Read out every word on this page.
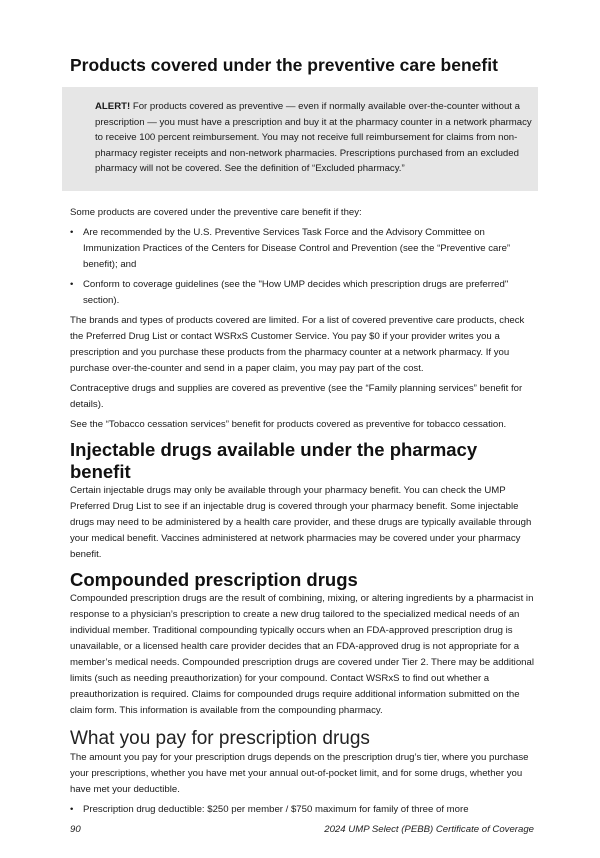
Products covered under the preventive care benefit

ALERT! For products covered as preventive — even if normally available over-the-counter without a prescription — you must have a prescription and buy it at the pharmacy counter in a network pharmacy to receive 100 percent reimbursement. You may not receive full reimbursement for claims from non-pharmacy register receipts and non-network pharmacies. Prescriptions purchased from an excluded pharmacy will not be covered. See the definition of “Excluded pharmacy.”

Some products are covered under the preventive care benefit if they:

• Are recommended by the U.S. Preventive Services Task Force and the Advisory Committee on Immunization Practices of the Centers for Disease Control and Prevention (see the “Preventive care” benefit); and
• Conform to coverage guidelines (see the "How UMP decides which prescription drugs are preferred" section).

The brands and types of products covered are limited. For a list of covered preventive care products, check the Preferred Drug List or contact WSRxS Customer Service. You pay $0 if your provider writes you a prescription and you purchase these products from the pharmacy counter at a network pharmacy. If you purchase over-the-counter and send in a paper claim, you may pay part of the cost.

Contraceptive drugs and supplies are covered as preventive (see the “Family planning services” benefit for details).

See the “Tobacco cessation services” benefit for products covered as preventive for tobacco cessation.

Injectable drugs available under the pharmacy benefit

Certain injectable drugs may only be available through your pharmacy benefit. You can check the UMP Preferred Drug List to see if an injectable drug is covered through your pharmacy benefit. Some injectable drugs may need to be administered by a health care provider, and these drugs are typically available through your medical benefit. Vaccines administered at network pharmacies may be covered under your pharmacy benefit.

Compounded prescription drugs

Compounded prescription drugs are the result of combining, mixing, or altering ingredients by a pharmacist in response to a physician’s prescription to create a new drug tailored to the specialized medical needs of an individual member. Traditional compounding typically occurs when an FDA-approved prescription drug is unavailable, or a licensed health care provider decides that an FDA-approved drug is not appropriate for a member’s medical needs. Compounded prescription drugs are covered under Tier 2. There may be additional limits (such as needing preauthorization) for your compound. Contact WSRxS to find out whether a preauthorization is required. Claims for compounded drugs require additional information submitted on the claim form. This information is available from the compounding pharmacy.

What you pay for prescription drugs

The amount you pay for your prescription drugs depends on the prescription drug’s tier, where you purchase your prescriptions, whether you have met your annual out-of-pocket limit, and for some drugs, whether you have met your deductible.

• Prescription drug deductible: $250 per member / $750 maximum for family of three of more
90	2024 UMP Select (PEBB) Certificate of Coverage
